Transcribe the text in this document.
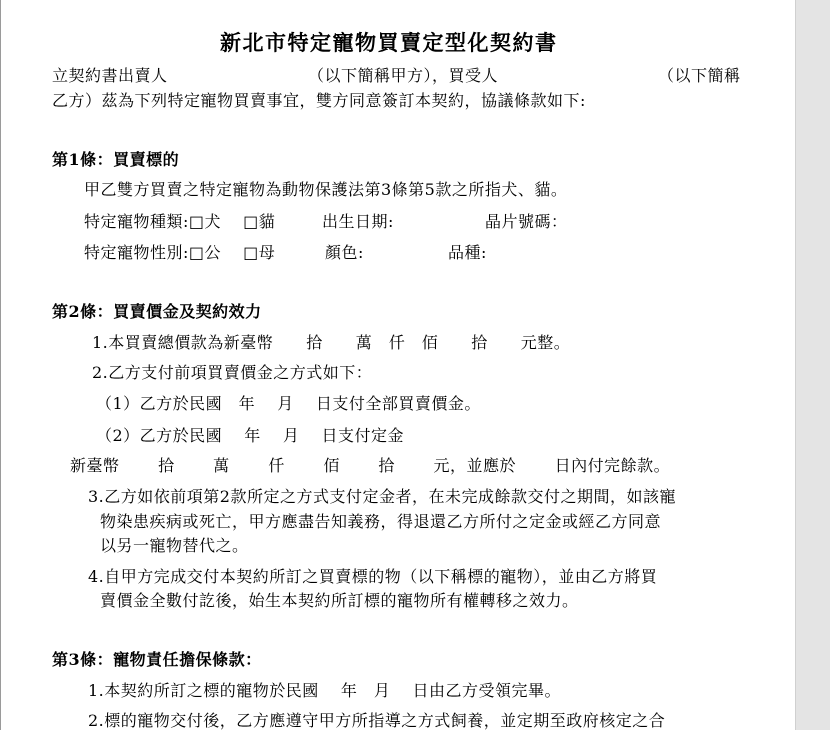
新北市特定寵物買賣定型化契約書
立契約書出賣人	（以下簡稱甲方），買受人	（以下簡稱
乙方）茲為下列特定寵物買賣事宜，雙方同意簽訂本契約，協議條款如下:
第1條：買賣標的
甲乙雙方買賣之特定寵物為動物保護法第3條第5款之所指犬、貓。
特定寵物種類:□犬　 □貓	出生日期:	晶片號碼：
特定寵物性別:□公　 □母	顏色:	品種:
第2條：買賣價金及契約效力
1.本買賣總價款為新臺幣　　拾　　萬　仟　佰　　拾　　元整。
2.乙方支付前項買賣價金之方式如下：
（1）乙方於民國　年　 月　 日支付全部買賣價金。
（2）乙方於民國　 年　 月　 日支付定金
新臺幣　　 拾　　 萬　　 仟　　 佰　　 拾　　 元，並應於　　 日內付完餘款。
3.乙方如依前項第2款所定之方式支付定金者，在未完成餘款交付之期間，如該寵
物染患疾病或死亡，甲方應盡告知義務，得退還乙方所付之定金或經乙方同意
以另一寵物替代之。
4.自甲方完成交付本契約所訂之買賣標的物（以下稱標的寵物），並由乙方將買
賣價金全數付訖後，始生本契約所訂標的寵物所有權轉移之效力。
第3條：寵物責任擔保條款：
1.本契約所訂之標的寵物於民國　 年　月　 日由乙方受領完畢。
2.標的寵物交付後，乙方應遵守甲方所指導之方式飼養，並定期至政府核定之合
